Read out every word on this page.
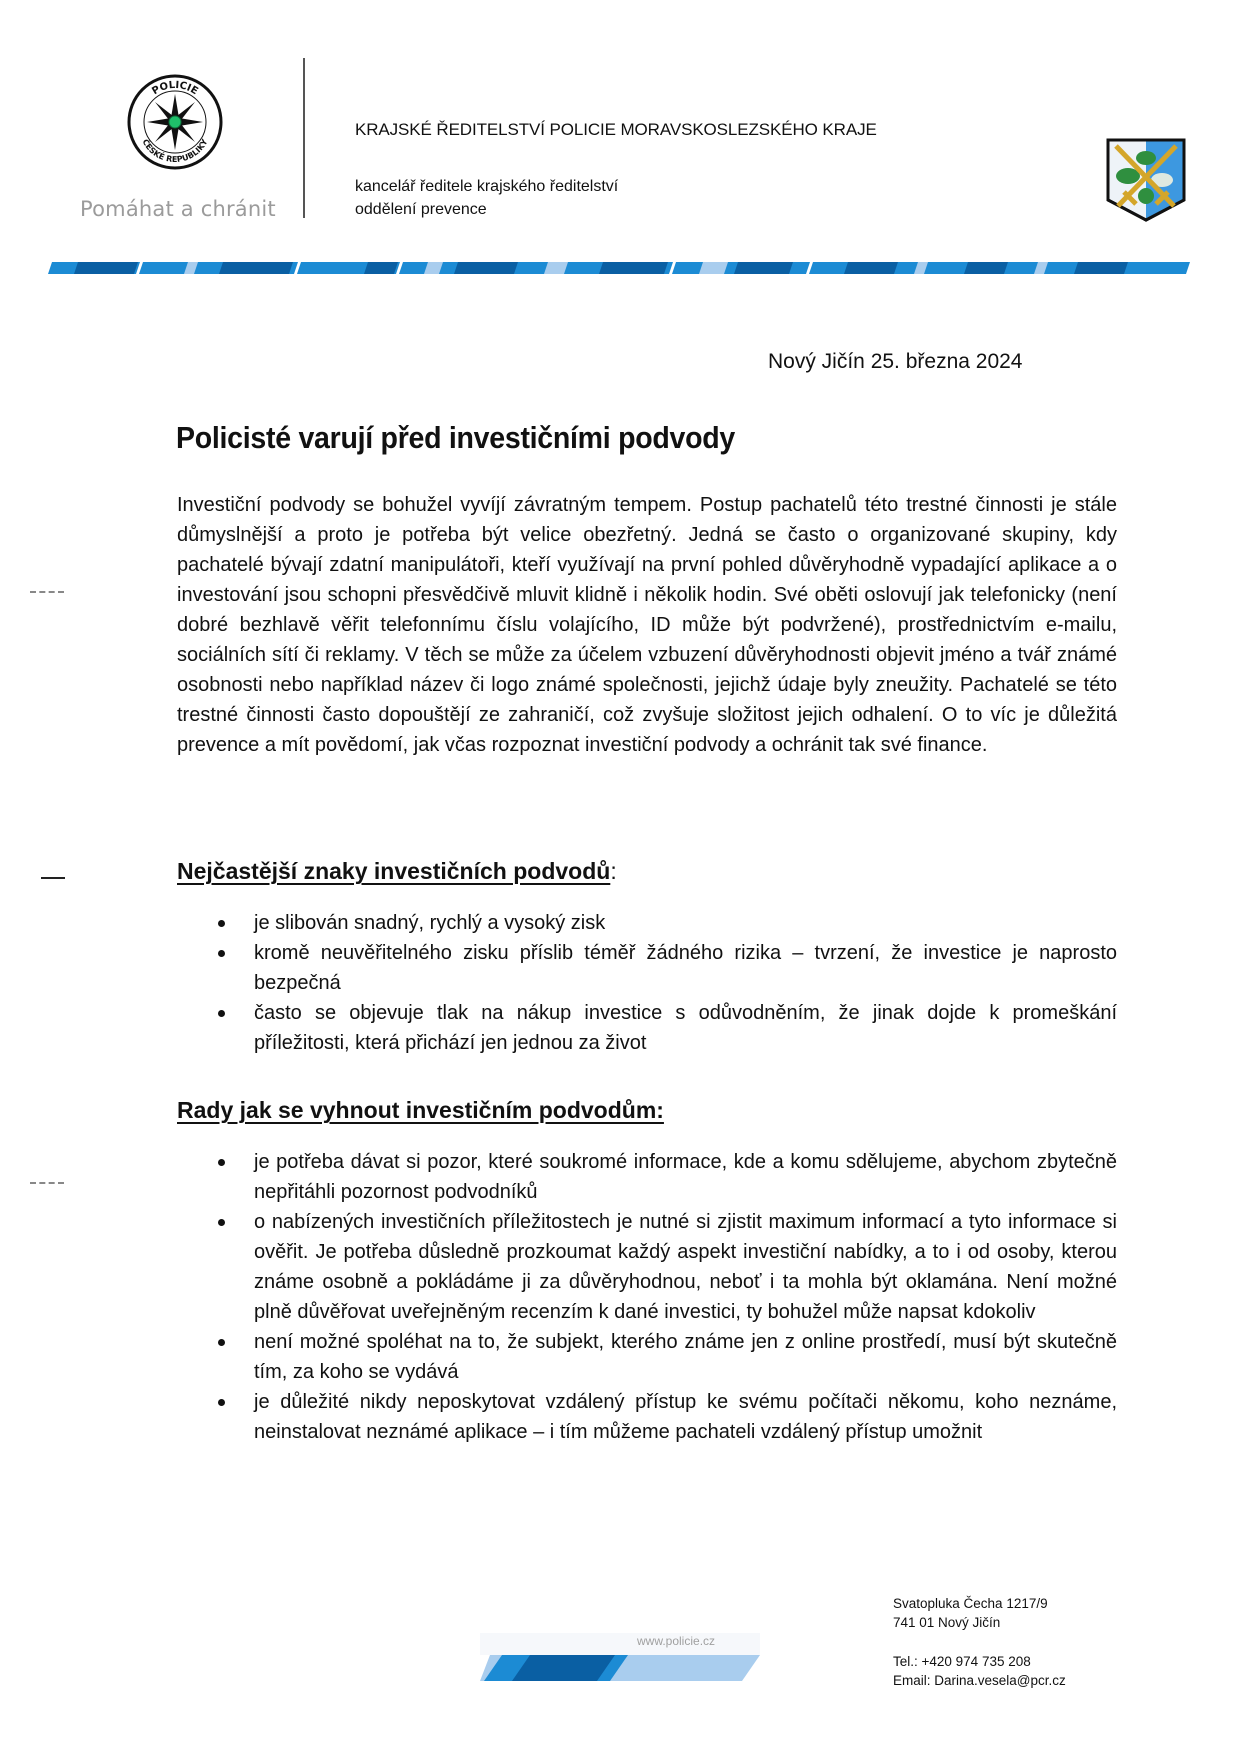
POLICIE
ČESKÉ REPUBLIKY
Pomáhat a chránit
KRAJSKÉ ŘEDITELSTVÍ POLICIE MORAVSKOSLEZSKÉHO KRAJE
kancelář ředitele krajského ředitelství
oddělení prevence
Nový Jičín 25. března 2024
Policisté varují před investičními podvody

Investiční podvody se bohužel vyvíjí závratným tempem. Postup pachatelů této trestné činnosti je stále důmyslnější a proto je potřeba být velice obezřetný. Jedná se často o organizované skupiny, kdy pachatelé bývají zdatní manipulátoři, kteří využívají na první pohled důvěryhodně vypadající aplikace a o investování jsou schopni přesvědčivě mluvit klidně i několik hodin. Své oběti oslovují jak telefonicky (není dobré bezhlavě věřit telefonnímu číslu volajícího, ID může být podvržené), prostřednictvím e-mailu, sociálních sítí či reklamy. V těch se může za účelem vzbuzení důvěryhodnosti objevit jméno a tvář známé osobnosti nebo například název či logo známé společnosti, jejichž údaje byly zneužity. Pachatelé se této trestné činnosti často dopouštějí ze zahraničí, což zvyšuje složitost jejich odhalení. O to víc je důležitá prevence a mít povědomí, jak včas rozpoznat investiční podvody a ochránit tak své finance.

Nejčastější znaky investičních podvodů:
je slibován snadný, rychlý a vysoký zisk
kromě neuvěřitelného zisku příslib téměř žádného rizika – tvrzení, že investice je naprosto bezpečná
často se objevuje tlak na nákup investice s odůvodněním, že jinak dojde k promeškání příležitosti, která přichází jen jednou za život
Rady jak se vyhnout investičním podvodům:
je potřeba dávat si pozor, které soukromé informace, kde a komu sdělujeme, abychom zbytečně nepřitáhli pozornost podvodníků
o nabízených investičních příležitostech je nutné si zjistit maximum informací a tyto informace si ověřit. Je potřeba důsledně prozkoumat každý aspekt investiční nabídky, a to i od osoby, kterou známe osobně a pokládáme ji za důvěryhodnou, neboť i ta mohla být oklamána. Není možné plně důvěřovat uveřejněným recenzím k dané investici, ty bohužel může napsat kdokoliv
není možné spoléhat na to, že subjekt, kterého známe jen z online prostředí, musí být skutečně tím, za koho se vydává
je důležité nikdy neposkytovat vzdálený přístup ke svému počítači někomu, koho neznáme, neinstalovat neznámé aplikace – i tím můžeme pachateli vzdálený přístup umožnit
www.policie.cz
Svatopluka Čecha 1217/9
741 01 Nový Jičín
Tel.: +420 974 735 208
Email: Darina.vesela@pcr.cz
